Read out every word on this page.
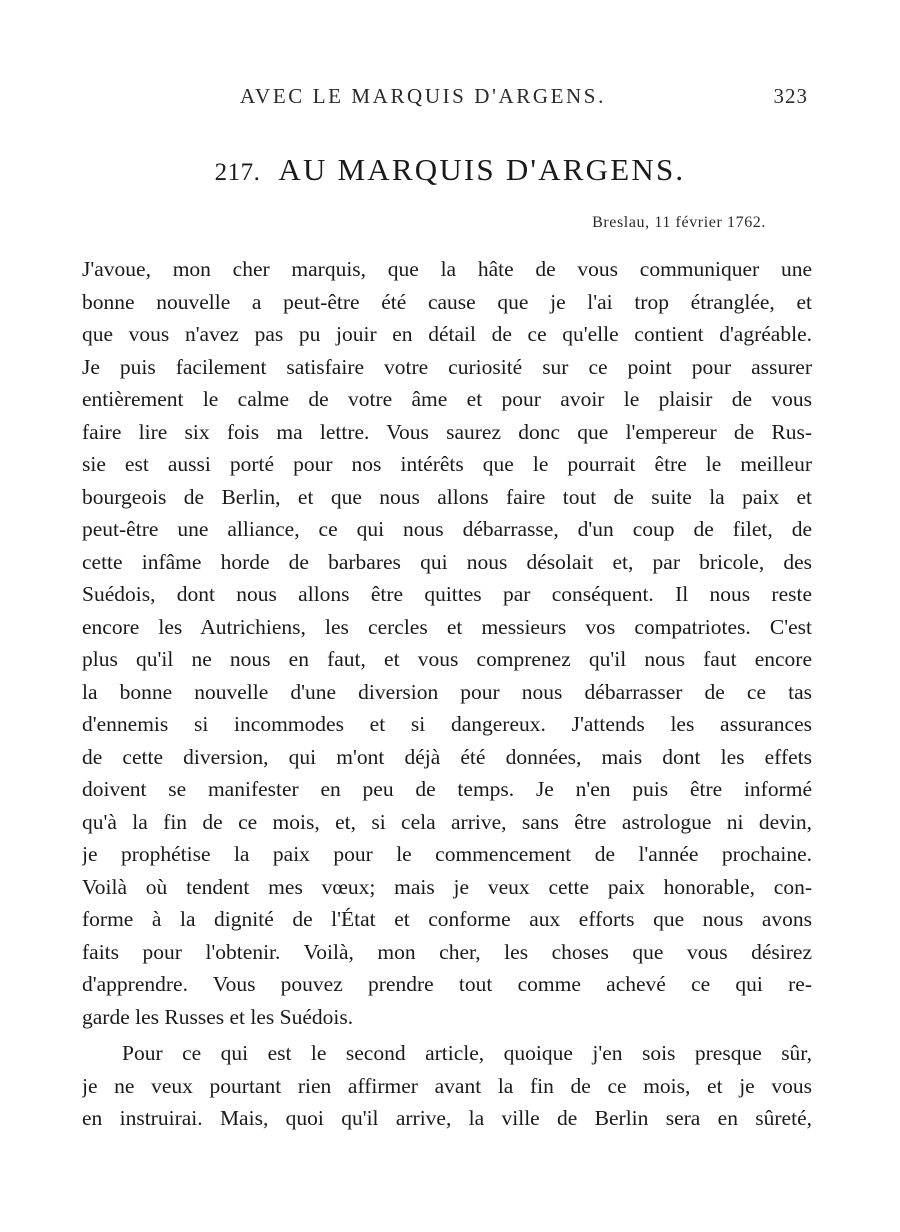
AVEC LE MARQUIS D'ARGENS.	323
217. AU MARQUIS D'ARGENS.
Breslau, 11 février 1762.
J'avoue, mon cher marquis, que la hâte de vous communiquer une
bonne nouvelle a peut-être été cause que je l'ai trop étranglée, et
que vous n'avez pas pu jouir en détail de ce qu'elle contient d'agréable.
Je puis facilement satisfaire votre curiosité sur ce point pour assurer
entièrement le calme de votre âme et pour avoir le plaisir de vous
faire lire six fois ma lettre. Vous saurez donc que l'empereur de Rus-
sie est aussi porté pour nos intérêts que le pourrait être le meilleur
bourgeois de Berlin, et que nous allons faire tout de suite la paix et
peut-être une alliance, ce qui nous débarrasse, d'un coup de filet, de
cette infâme horde de barbares qui nous désolait et, par bricole, des
Suédois, dont nous allons être quittes par conséquent. Il nous reste
encore les Autrichiens, les cercles et messieurs vos compatriotes. C'est
plus qu'il ne nous en faut, et vous comprenez qu'il nous faut encore
la bonne nouvelle d'une diversion pour nous débarrasser de ce tas
d'ennemis si incommodes et si dangereux. J'attends les assurances
de cette diversion, qui m'ont déjà été données, mais dont les effets
doivent se manifester en peu de temps. Je n'en puis être informé
qu'à la fin de ce mois, et, si cela arrive, sans être astrologue ni devin,
je prophétise la paix pour le commencement de l'année prochaine.
Voilà où tendent mes vœux; mais je veux cette paix honorable, con-
forme à la dignité de l'État et conforme aux efforts que nous avons
faits pour l'obtenir. Voilà, mon cher, les choses que vous désirez
d'apprendre. Vous pouvez prendre tout comme achevé ce qui re-
garde les Russes et les Suédois.
Pour ce qui est le second article, quoique j'en sois presque sûr,
je ne veux pourtant rien affirmer avant la fin de ce mois, et je vous
en instruirai. Mais, quoi qu'il arrive, la ville de Berlin sera en sûreté,
